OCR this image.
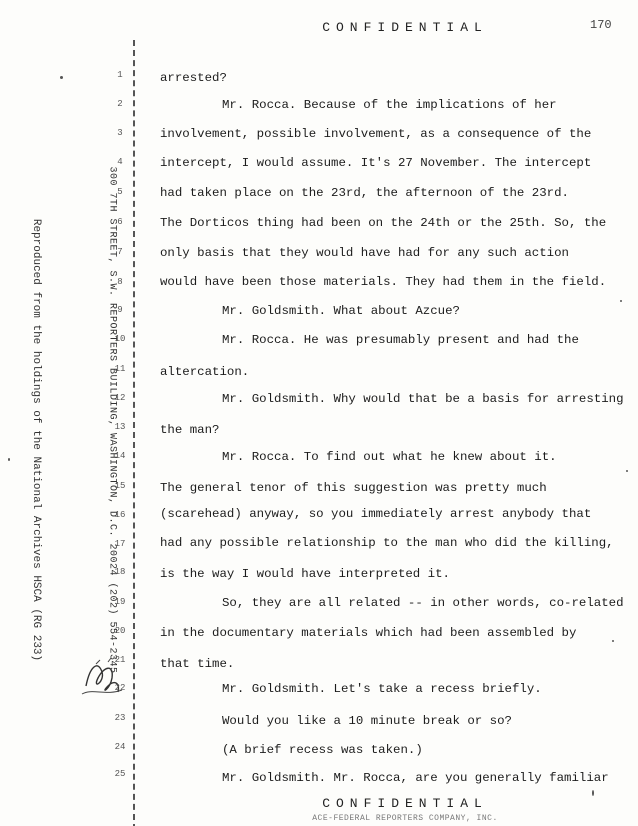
CONFIDENTIAL	170
300 7TH STREET, S.W. REPORTERS BUILDING, WASHINGTON, D.C. 20024 (202) 554-2345
Reproduced from the holdings of the National Archives HSCA (RG 233)
1
2
3
4
5
6
7
8
9
10
11
12
13
14
15
16
17
18
19
20
21
22
23
24
25
arrested?
Mr. Rocca. Because of the implications of her
involvement, possible involvement, as a consequence of the
intercept, I would assume. It's 27 November. The intercept
had taken place on the 23rd, the afternoon of the 23rd.
The Dorticos thing had been on the 24th or the 25th. So, the
only basis that they would have had for any such action
would have been those materials. They had them in the field.
Mr. Goldsmith. What about Azcue?
Mr. Rocca. He was presumably present and had the
altercation.
Mr. Goldsmith. Why would that be a basis for arresting
the man?
Mr. Rocca. To find out what he knew about it.
The general tenor of this suggestion was pretty much
(scarehead) anyway, so you immediately arrest anybody that
had any possible relationship to the man who did the killing,
is the way I would have interpreted it.
So, they are all related -- in other words, co-related
in the documentary materials which had been assembled by
that time.
Mr. Goldsmith. Let's take a recess briefly.
Would you like a 10 minute break or so?
(A brief recess was taken.)
Mr. Goldsmith. Mr. Rocca, are you generally familiar
CONFIDENTIAL
ACE-FEDERAL REPORTERS COMPANY, INC.
